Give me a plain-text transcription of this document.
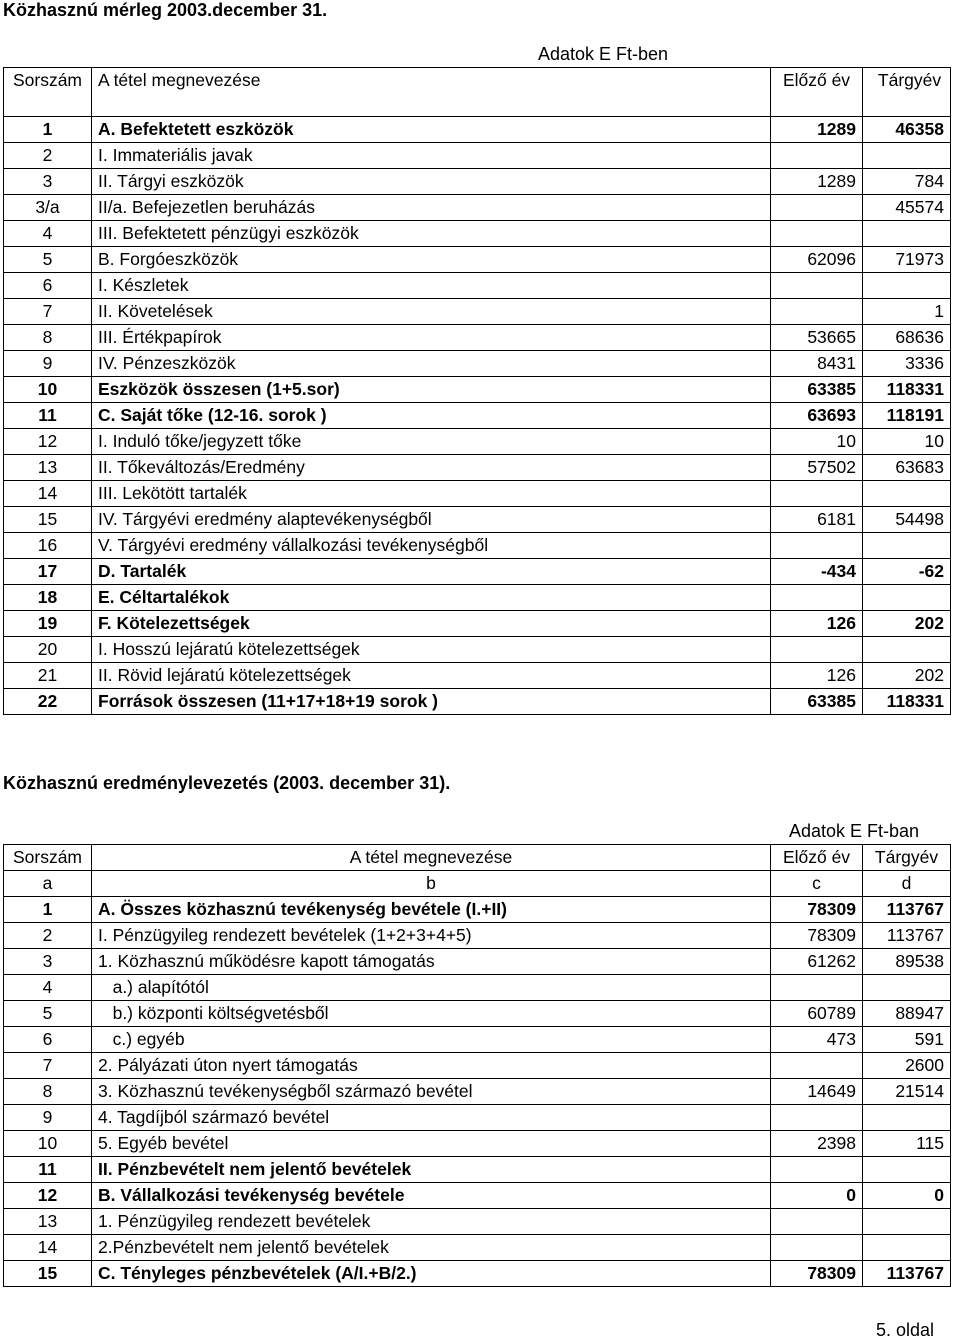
Közhasznú mérleg 2003.december 31.
Adatok E Ft-ben
Sorszám	A tétel megnevezése	Előző év	Tárgyév
1	A. Befektetett eszközök	1289	46358
2	I. Immateriális javak		
3	II. Tárgyi eszközök	1289	784
3/a	II/a. Befejezetlen beruházás		45574
4	III. Befektetett pénzügyi eszközök		
5	B. Forgóeszközök	62096	71973
6	I. Készletek		
7	II. Követelések		1
8	III. Értékpapírok	53665	68636
9	IV. Pénzeszközök	8431	3336
10	Eszközök összesen (1+5.sor)	63385	118331
11	C. Saját tőke (12-16. sorok )	63693	118191
12	I. Induló tőke/jegyzett tőke	10	10
13	II. Tőkeváltozás/Eredmény	57502	63683
14	III. Lekötött tartalék		
15	IV. Tárgyévi eredmény alaptevékenységből	6181	54498
16	V. Tárgyévi eredmény vállalkozási tevékenységből		
17	D. Tartalék	-434	-62
18	E. Céltartalékok		
19	F. Kötelezettségek	126	202
20	I. Hosszú lejáratú kötelezettségek		
21	II. Rövid lejáratú kötelezettségek	126	202
22	Források összesen (11+17+18+19 sorok )	63385	118331
Közhasznú eredménylevezetés (2003. december 31).
Adatok E Ft-ban
Sorszám	A tétel megnevezése	Előző év	Tárgyév
a	b	c	d
1	A. Összes közhasznú tevékenység bevétele (I.+II)	78309	113767
2	I. Pénzügyileg rendezett bevételek (1+2+3+4+5)	78309	113767
3	1. Közhasznú működésre kapott támogatás	61262	89538
4	a.) alapítótól		
5	b.) központi költségvetésből	60789	88947
6	c.) egyéb	473	591
7	2. Pályázati úton nyert támogatás		2600
8	3. Közhasznú tevékenységből származó bevétel	14649	21514
9	4. Tagdíjból származó bevétel		
10	5. Egyéb bevétel	2398	115
11	II. Pénzbevételt nem jelentő bevételek		
12	B. Vállalkozási tevékenység bevétele	0	0
13	1. Pénzügyileg rendezett bevételek		
14	2.Pénzbevételt nem jelentő bevételek		
15	C. Tényleges pénzbevételek (A/I.+B/2.)	78309	113767
5. oldal
